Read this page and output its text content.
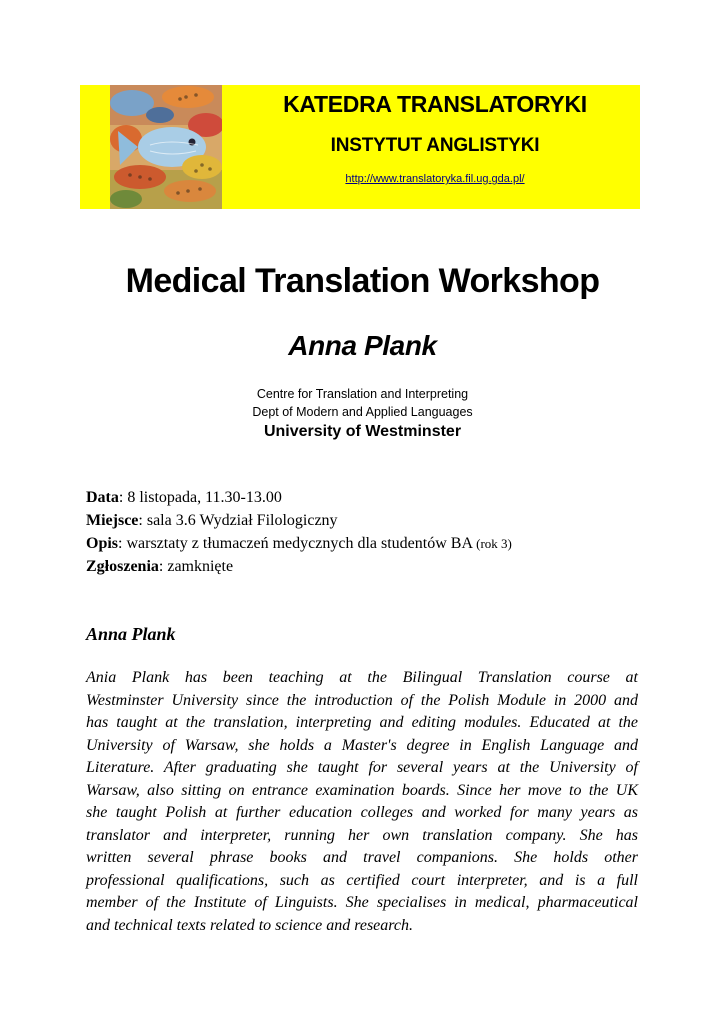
KATEDRA TRANSLATORYKI
INSTYTUT ANGLISTYKI
http://www.translatoryka.fil.ug.gda.pl/
Medical Translation Workshop
Anna Plank
Centre for Translation and Interpreting
Dept of Modern and Applied Languages
University of Westminster
Data: 8 listopada, 11.30-13.00
Miejsce: sala 3.6 Wydział Filologiczny
Opis: warsztaty z tłumaczeń medycznych dla studentów BA (rok 3)
Zgłoszenia: zamknięte
Anna Plank
Ania Plank has been teaching at the Bilingual Translation course at
Westminster University since the introduction of the Polish Module in 2000 and
has taught at the translation, interpreting and editing modules. Educated at the
University of Warsaw, she holds a Master's degree in English Language and
Literature. After graduating she taught for several years at the University of
Warsaw, also sitting on entrance examination boards. Since her move to the UK
she taught Polish at further education colleges and worked for many years as
translator and interpreter, running her own translation company. She has
written several phrase books and travel companions. She holds other
professional qualifications, such as certified court interpreter, and is a full
member of the Institute of Linguists. She specialises in medical, pharmaceutical
and technical texts related to science and research.
